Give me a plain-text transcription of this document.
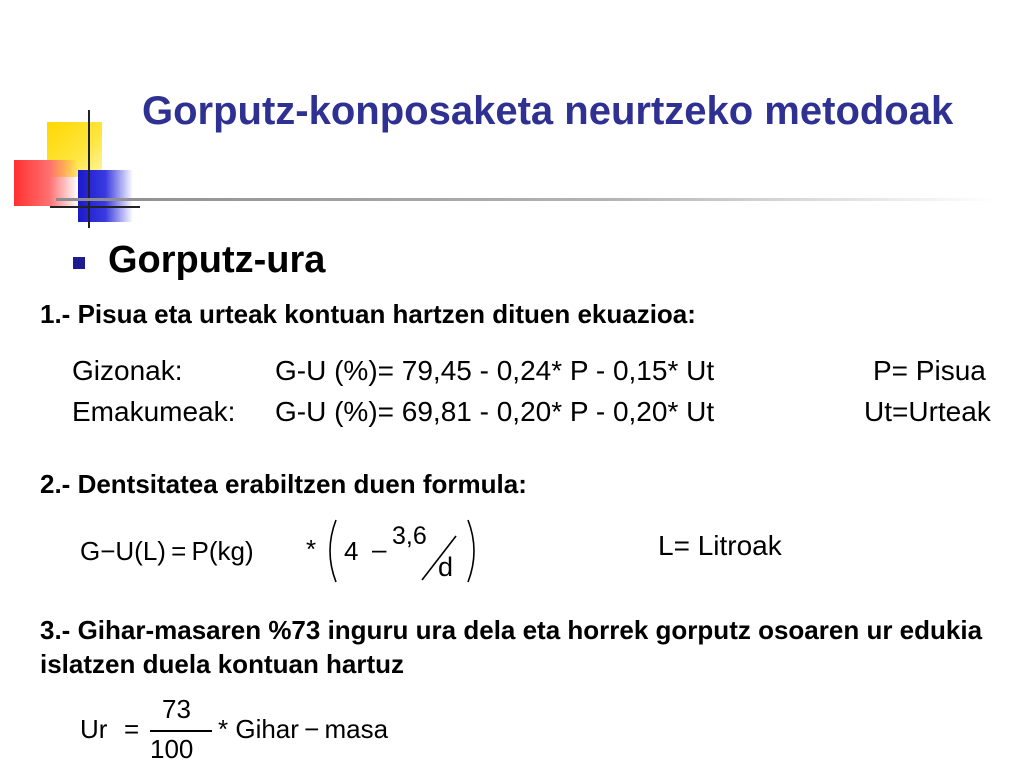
Gorputz-konposaketa neurtzeko metodoak
Gorputz-ura
1.- Pisua eta urteak kontuan hartzen dituen ekuazioa:
Gizonak:	G-U (%)= 79,45 - 0,24* P - 0,15* Ut	P= Pisua
Emakumeak: G-U (%)= 69,81 - 0,20* P - 0,20* Ut	Ut=Urteak
2.- Dentsitatea erabiltzen duen formula:
G−U(L) = P(kg) * 4 – 3,6
d
L= Litroak
3.- Gihar-masaren %73 inguru ura dela eta horrek gorputz osoaren ur edukia islatzen duela kontuan hartuz
Ur =
73
100
* Gihar − masa
